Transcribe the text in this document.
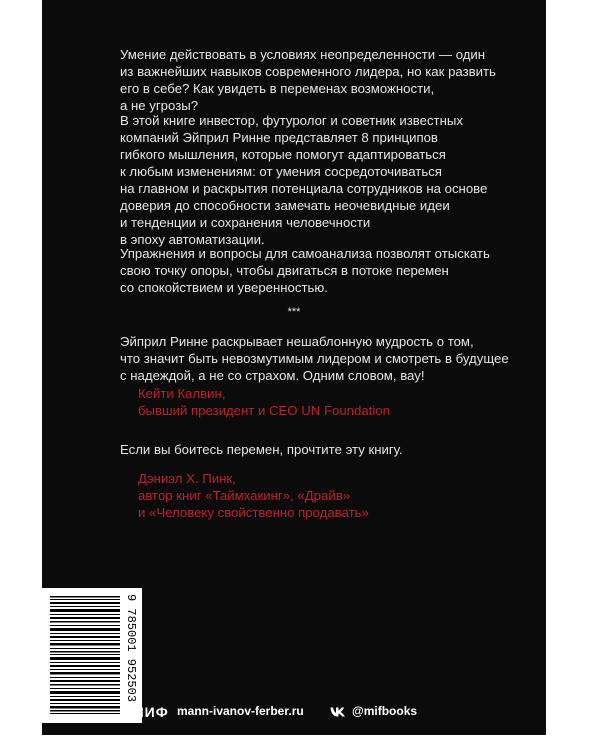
Умение действовать в условиях неопределенности — один

из важнейших навыков современного лидера, но как развить

его в себе? Как увидеть в переменах возможности,

а не угрозы?

В этой книге инвестор, футуролог и советник известных

компаний Эйприл Ринне представляет 8 принципов

гибкого мышления, которые помогут адаптироваться

к любым изменениям: от умения сосредоточиваться

на главном и раскрытия потенциала сотрудников на основе

доверия до способности замечать неочевидные идеи

и тенденции и сохранения человечности

в эпоху автоматизации.

Упражнения и вопросы для самоанализа позволят отыскать

свою точку опоры, чтобы двигаться в потоке перемен

со спокойствием и уверенностью.

***

Эйприл Ринне раскрывает нешаблонную мудрость о том,

что значит быть невозмутимым лидером и смотреть в будущее

с надеждой, а не со страхом. Одним словом, вау!

Кейти Калвин,

бывший президент и CEO UN Foundation

Если вы боитесь перемен, прочтите эту книгу.

Дэниэл Х. Пинк,

автор книг «Таймхакинг», «Драйв»

и «Человеку свойственно продавать»

9 785001 952503
МИФ mann-ivanov-ferber.ru	@mifbooks
